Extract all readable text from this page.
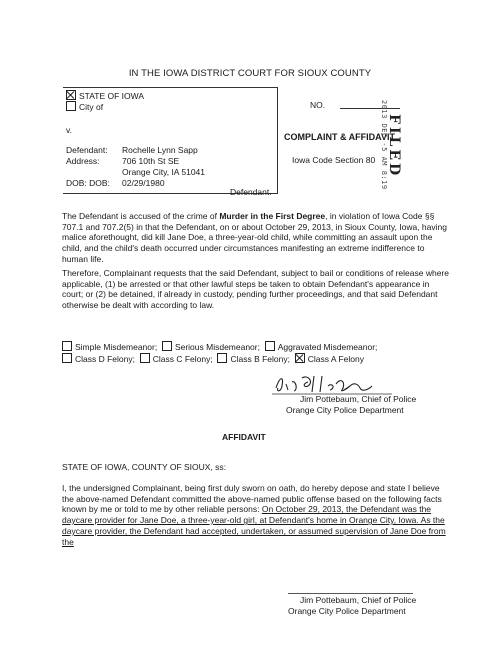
IN THE IOWA DISTRICT COURT FOR SIOUX COUNTY
STATE OF IOWA
City of
v.
Defendant: Rochelle Lynn Sapp
Address:	706 10th St SE
Orange City, IA 51041
DOB: DOB: 02/29/1980
Defendant.
NO.
COMPLAINT & AFFIDAVIT
Iowa Code Section 80 2013 DEC -5 AM 8:19
FILED
The Defendant is accused of the crime of Murder in the First Degree, in violation of Iowa Code §§ 707.1 and 707.2(5) in that the Defendant, on or about October 29, 2013, in Sioux County, Iowa, having malice aforethought, did kill Jane Doe, a three-year-old child, while committing an assault upon the child, and the child's death occurred under circumstances manifesting an extreme indifference to human life.
Therefore, Complainant requests that the said Defendant, subject to bail or conditions of release where applicable, (1) be arrested or that other lawful steps be taken to obtain Defendant's appearance in court; or (2) be detained, if already in custody, pending further proceedings, and that said Defendant otherwise be dealt with according to law.
Simple Misdemeanor; Serious Misdemeanor; Aggravated Misdemeanor;
Class D Felony; Class C Felony; Class B Felony; Class A Felony
Jim Pottebaum, Chief of Police
Orange City Police Department
AFFIDAVIT
STATE OF IOWA, COUNTY OF SIOUX, ss:
I, the undersigned Complainant, being first duly sworn on oath, do hereby depose and state I believe the above-named Defendant committed the above-named public offense based on the following facts known by me or told to me by other reliable persons: On October 29, 2013, the Defendant was the daycare provider for Jane Doe, a three-year-old girl, at Defendant's home in Orange City, Iowa. As the daycare provider, the Defendant had accepted, undertaken, or assumed supervision of Jane Doe from the
Jim Pottebaum, Chief of Police
Orange City Police Department
